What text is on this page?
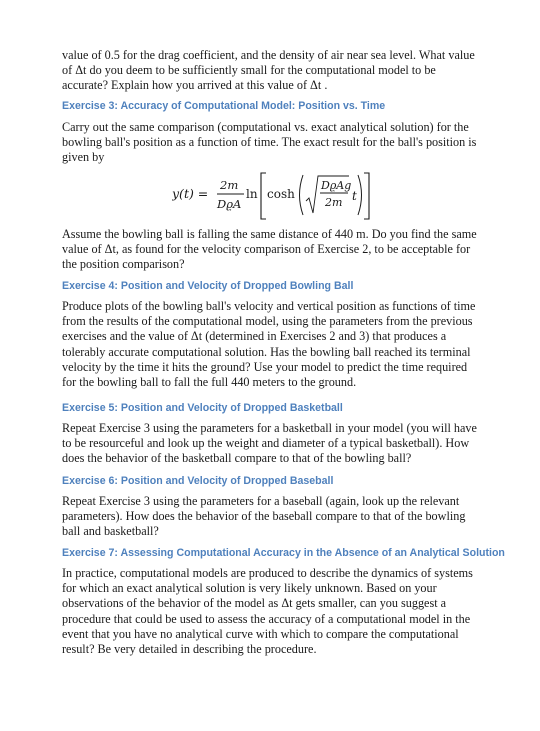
value of 0.5 for the drag coefficient, and the density of air near sea level. What value of Δt do you deem to be sufficiently small for the computational model to be accurate? Explain how you arrived at this value of Δt .

Exercise 3: Accuracy of Computational Model: Position vs. Time

Carry out the same comparison (computational vs. exact analytical solution) for the bowling ball's position as a function of time. The exact result for the ball's position is given by

y(t) =
2m
DϱA
ln cosh
DϱAg
2m t

Assume the bowling ball is falling the same distance of 440 m. Do you find the same value of Δt, as found for the velocity comparison of Exercise 2, to be acceptable for the position comparison?

Exercise 4: Position and Velocity of Dropped Bowling Ball

Produce plots of the bowling ball's velocity and vertical position as functions of time from the results of the computational model, using the parameters from the previous exercises and the value of Δt (determined in Exercises 2 and 3) that produces a tolerably accurate computational solution. Has the bowling ball reached its terminal velocity by the time it hits the ground? Use your model to predict the time required for the bowling ball to fall the full 440 meters to the ground.

Exercise 5: Position and Velocity of Dropped Basketball

Repeat Exercise 3 using the parameters for a basketball in your model (you will have to be resourceful and look up the weight and diameter of a typical basketball). How does the behavior of the basketball compare to that of the bowling ball?

Exercise 6: Position and Velocity of Dropped Baseball

Repeat Exercise 3 using the parameters for a baseball (again, look up the relevant parameters). How does the behavior of the baseball compare to that of the bowling ball and basketball?

Exercise 7: Assessing Computational Accuracy in the Absence of an Analytical Solution

In practice, computational models are produced to describe the dynamics of systems for which an exact analytical solution is very likely unknown. Based on your observations of the behavior of the model as Δt gets smaller, can you suggest a procedure that could be used to assess the accuracy of a computational model in the event that you have no analytical curve with which to compare the computational result? Be very detailed in describing the procedure.
